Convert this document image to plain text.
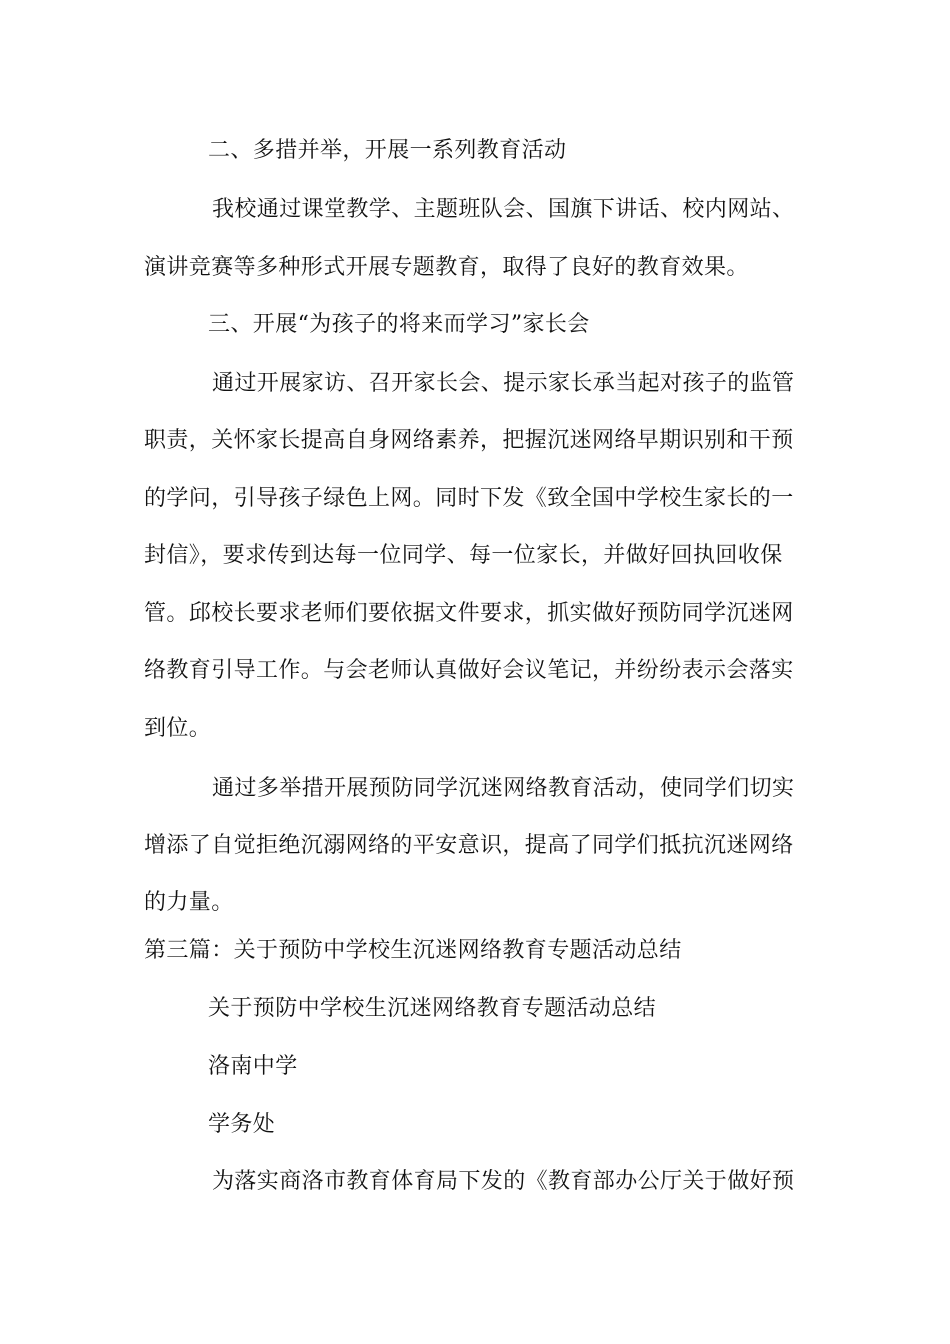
二、多措并举，开展一系列教育活动
我校通过课堂教学、主题班队会、国旗下讲话、校内网站、
演讲竞赛等多种形式开展专题教育，取得了良好的教育效果。
三、开展“为孩子的将来而学习”家长会
通过开展家访、召开家长会、提示家长承当起对孩子的监管
职责，关怀家长提高自身网络素养，把握沉迷网络早期识别和干预
的学问，引导孩子绿色上网。同时下发《致全国中学校生家长的一
封信》，要求传到达每一位同学、每一位家长，并做好回执回收保
管。邱校长要求老师们要依据文件要求，抓实做好预防同学沉迷网
络教育引导工作。与会老师认真做好会议笔记，并纷纷表示会落实
到位。
通过多举措开展预防同学沉迷网络教育活动，使同学们切实
增添了自觉拒绝沉溺网络的平安意识，提高了同学们抵抗沉迷网络
的力量。
第三篇：关于预防中学校生沉迷网络教育专题活动总结
关于预防中学校生沉迷网络教育专题活动总结
洛南中学
学务处
为落实商洛市教育体育局下发的《教育部办公厅关于做好预
